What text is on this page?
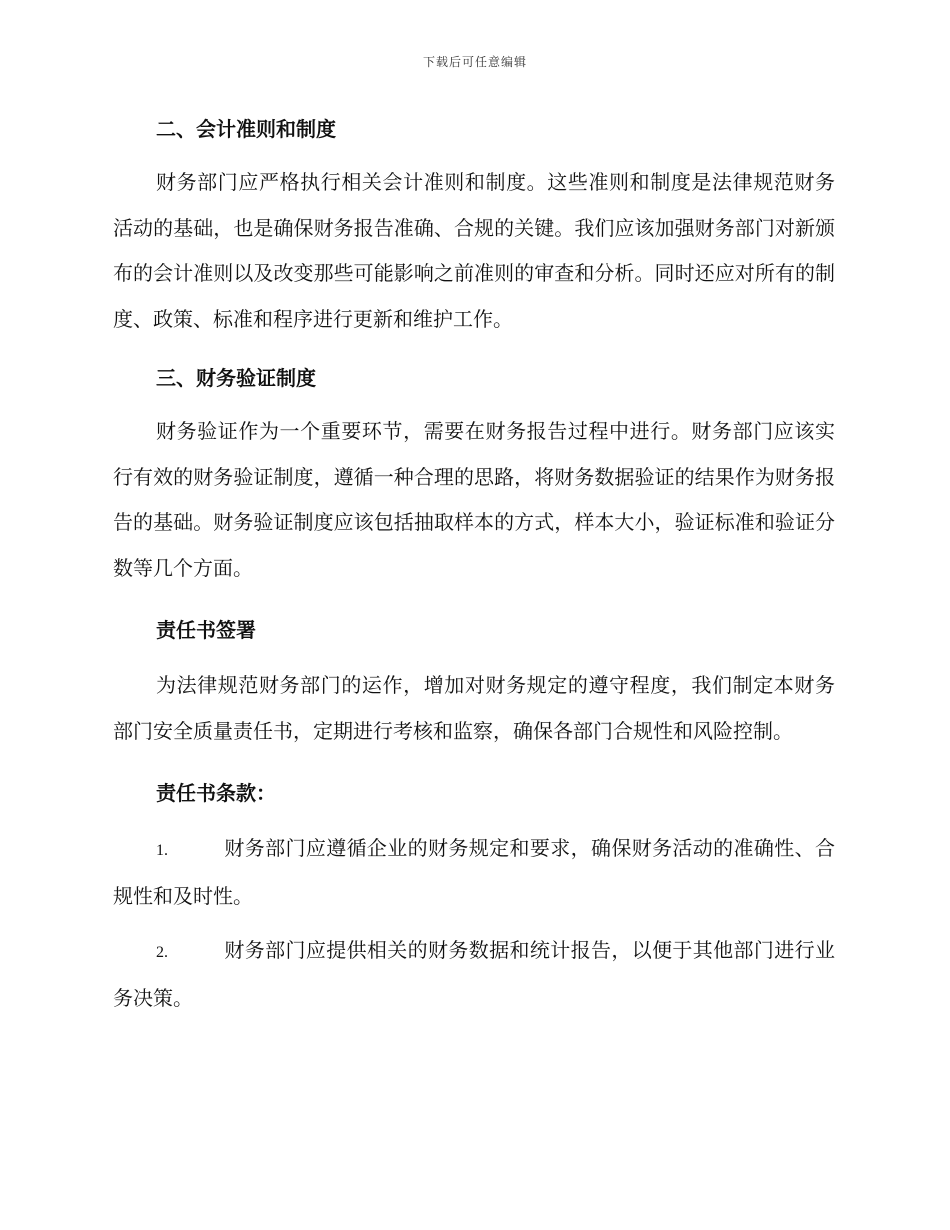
下载后可任意编辑
二、会计准则和制度

财务部门应严格执行相关会计准则和制度。这些准则和制度是法律规范财务活动的基础，也是确保财务报告准确、合规的关键。我们应该加强财务部门对新颁布的会计准则以及改变那些可能影响之前准则的审查和分析。同时还应对所有的制度、政策、标准和程序进行更新和维护工作。

三、财务验证制度

财务验证作为一个重要环节，需要在财务报告过程中进行。财务部门应该实行有效的财务验证制度，遵循一种合理的思路，将财务数据验证的结果作为财务报告的基础。财务验证制度应该包括抽取样本的方式，样本大小，验证标准和验证分数等几个方面。

责任书签署

为法律规范财务部门的运作，增加对财务规定的遵守程度，我们制定本财务部门安全质量责任书，定期进行考核和监察，确保各部门合规性和风险控制。

责任书条款：

1.	财务部门应遵循企业的财务规定和要求，确保财务活动的准确性、合规性和及时性。

2.	财务部门应提供相关的财务数据和统计报告，以便于其他部门进行业务决策。
